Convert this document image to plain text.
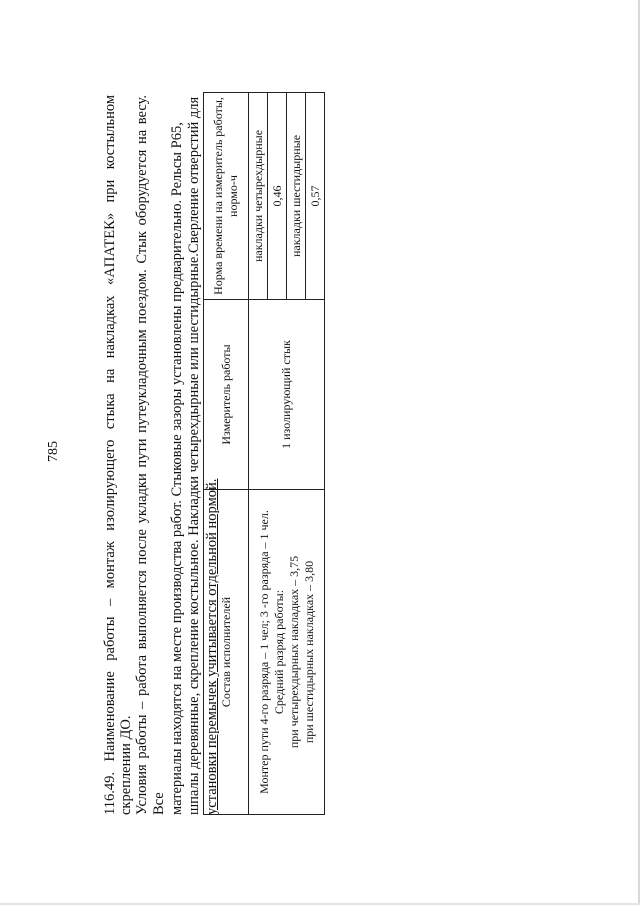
785	116.49. Наименование работы – монтаж изолирующего стыка на накладках «АПАТЕК» при костыльном скреплении ДО. Условия работы – работа выполняется после укладки пути путеукладочным поездом. Стык оборудуется на весу. Все материалы находятся на месте производства работ. Стыковые зазоры установлены предварительно. Рельсы Р65, шпалы деревянные, скрепление костыльное. Накладки четырехдырные или шестидырные.Сверление отверстий для установки перемычек учитывается отдельной нормой.
Состав исполнителей	Измеритель работы	Норма времени на измеритель работы, нормо-ч

Монтер пути 4-го разряда – 1 чел; 3 -го разряда – 1 чел. Средний разряд работы: при четырехдырных накладках – 3,75 при шестидырных накладках – 3,80	1 изолирующий стык	накладки четырехдырные
		0,46
		накладки шестидырные
		0,57
